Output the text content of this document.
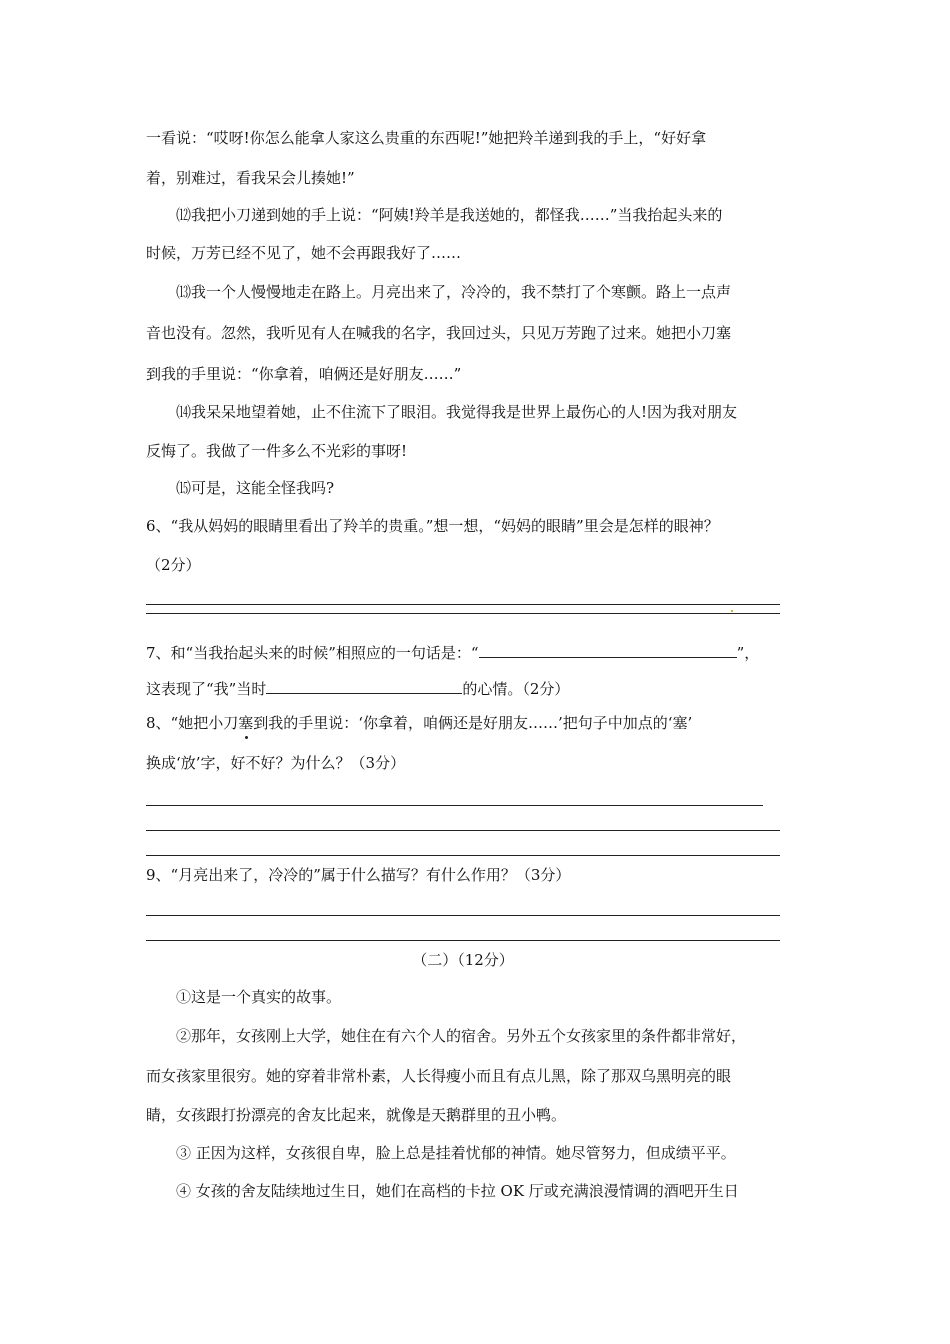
一看说：“哎呀!你怎么能拿人家这么贵重的东西呢!”她把羚羊递到我的手上，“好好拿
着，别难过，看我呆会儿揍她!”
⑿我把小刀递到她的手上说：“阿姨!羚羊是我送她的，都怪我……”当我抬起头来的
时候，万芳已经不见了，她不会再跟我好了……
⒀我一个人慢慢地走在路上。月亮出来了，冷冷的，我不禁打了个寒颤。路上一点声
音也没有。忽然，我听见有人在喊我的名字，我回过头，只见万芳跑了过来。她把小刀塞
到我的手里说：“你拿着，咱俩还是好朋友……”
⒁我呆呆地望着她，止不住流下了眼泪。我觉得我是世界上最伤心的人!因为我对朋友
反悔了。我做了一件多么不光彩的事呀!
⒂可是，这能全怪我吗?
6、“我从妈妈的眼睛里看出了羚羊的贵重。”想一想，“妈妈的眼睛”里会是怎样的眼神？
（2分）
7、和“当我抬起头来的时候”相照应的一句话是：“	”，
这表现了“我”当时	的心情。（2分）
8、“她把小刀塞到我的手里说：‘你拿着，咱俩还是好朋友……’把句子中加点的‘塞’
换成‘放’字，好不好？为什么？（3分）
9、“月亮出来了，冷冷的”属于什么描写？有什么作用？（3分）
（二）（12分）
①这是一个真实的故事。
②那年，女孩刚上大学，她住在有六个人的宿舍。另外五个女孩家里的条件都非常好，
而女孩家里很穷。她的穿着非常朴素，人长得瘦小而且有点儿黑，除了那双乌黑明亮的眼
睛，女孩跟打扮漂亮的舍友比起来，就像是天鹅群里的丑小鸭。
③ 正因为这样，女孩很自卑，脸上总是挂着忧郁的神情。她尽管努力，但成绩平平。
④ 女孩的舍友陆续地过生日，她们在高档的卡拉 OK 厅或充满浪漫情调的酒吧开生日
